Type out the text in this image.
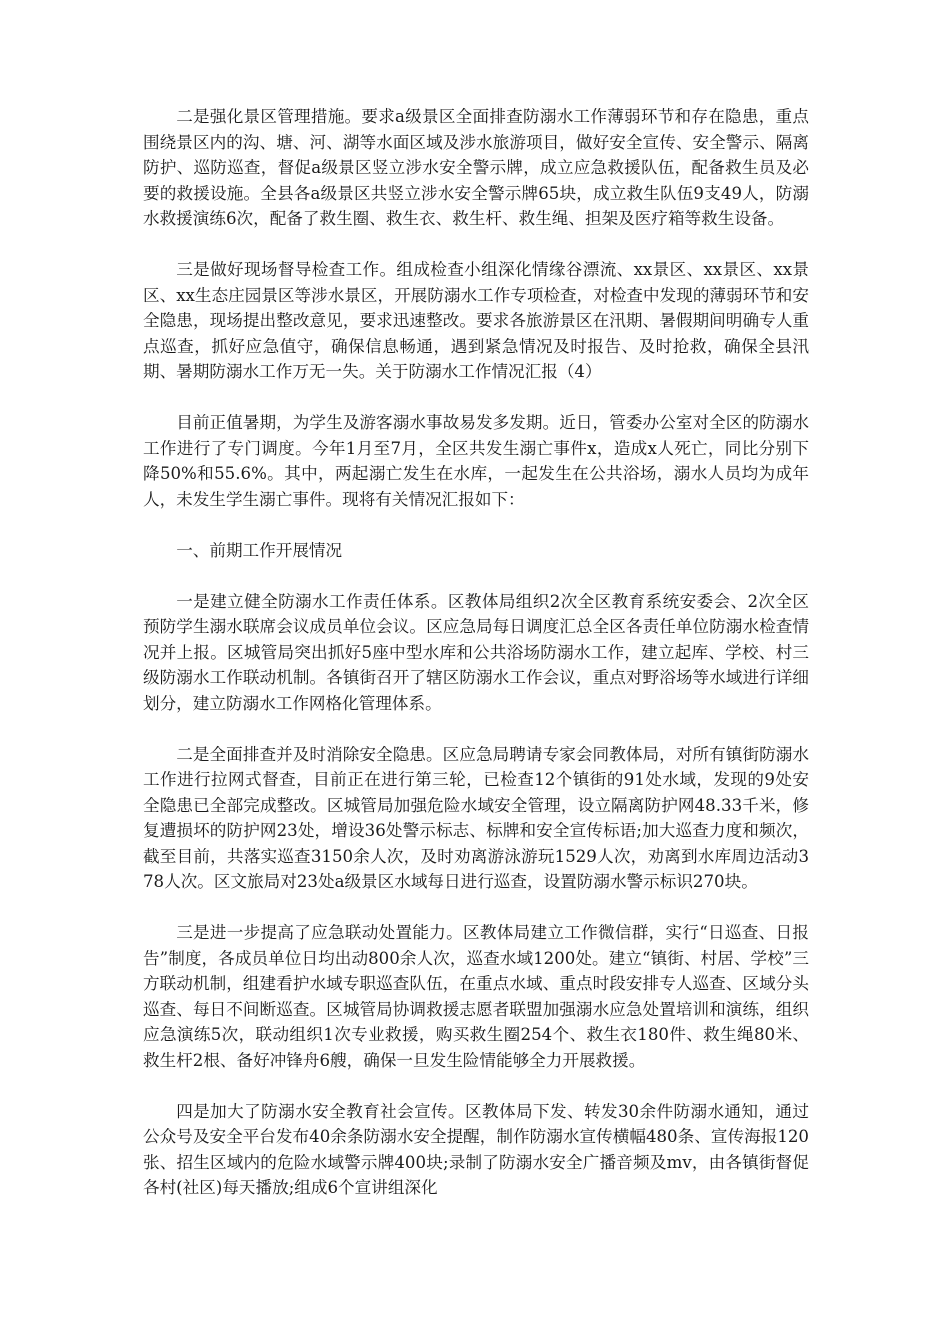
二是强化景区管理措施。要求a级景区全面排查防溺水工作薄弱环节和存在隐患，重点围绕景区内的沟、塘、河、湖等水面区域及涉水旅游项目，做好安全宣传、安全警示、隔离防护、巡防巡查，督促a级景区竖立涉水安全警示牌，成立应急救援队伍，配备救生员及必要的救援设施。全县各a级景区共竖立涉水安全警示牌65块，成立救生队伍9支49人，防溺水救援演练6次，配备了救生圈、救生衣、救生杆、救生绳、担架及医疗箱等救生设备。

三是做好现场督导检查工作。组成检查小组深化情缘谷漂流、xx景区、xx景区、xx景区、xx生态庄园景区等涉水景区，开展防溺水工作专项检查，对检查中发现的薄弱环节和安全隐患，现场提出整改意见，要求迅速整改。要求各旅游景区在汛期、暑假期间明确专人重点巡查，抓好应急值守，确保信息畅通，遇到紧急情况及时报告、及时抢救，确保全县汛期、暑期防溺水工作万无一失。关于防溺水工作情况汇报（4）

目前正值暑期，为学生及游客溺水事故易发多发期。近日，管委办公室对全区的防溺水工作进行了专门调度。今年1月至7月，全区共发生溺亡事件x，造成x人死亡，同比分别下降50%和55.6%。其中，两起溺亡发生在水库，一起发生在公共浴场，溺水人员均为成年人，未发生学生溺亡事件。现将有关情况汇报如下：

一、前期工作开展情况

一是建立健全防溺水工作责任体系。区教体局组织2次全区教育系统安委会、2次全区预防学生溺水联席会议成员单位会议。区应急局每日调度汇总全区各责任单位防溺水检查情况并上报。区城管局突出抓好5座中型水库和公共浴场防溺水工作，建立起库、学校、村三级防溺水工作联动机制。各镇街召开了辖区防溺水工作会议，重点对野浴场等水域进行详细划分，建立防溺水工作网格化管理体系。

二是全面排查并及时消除安全隐患。区应急局聘请专家会同教体局，对所有镇街防溺水工作进行拉网式督查，目前正在进行第三轮，已检查12个镇街的91处水域，发现的9处安全隐患已全部完成整改。区城管局加强危险水域安全管理，设立隔离防护网48.33千米，修复遭损坏的防护网23处，增设36处警示标志、标牌和安全宣传标语;加大巡查力度和频次，截至目前，共落实巡查3150余人次，及时劝离游泳游玩1529人次，劝离到水库周边活动378人次。区文旅局对23处a级景区水域每日进行巡查，设置防溺水警示标识270块。

三是进一步提高了应急联动处置能力。区教体局建立工作微信群，实行“日巡查、日报告”制度，各成员单位日均出动800余人次，巡查水域1200处。建立“镇街、村居、学校”三方联动机制，组建看护水域专职巡查队伍，在重点水域、重点时段安排专人巡查、区域分头巡查、每日不间断巡查。区城管局协调救援志愿者联盟加强溺水应急处置培训和演练，组织应急演练5次，联动组织1次专业救援，购买救生圈254个、救生衣180件、救生绳80米、救生杆2根、备好冲锋舟6艘，确保一旦发生险情能够全力开展救援。

四是加大了防溺水安全教育社会宣传。区教体局下发、转发30余件防溺水通知，通过公众号及安全平台发布40余条防溺水安全提醒，制作防溺水宣传横幅480条、宣传海报120张、招生区域内的危险水域警示牌400块;录制了防溺水安全广播音频及mv，由各镇街督促各村(社区)每天播放;组成6个宣讲组深化
